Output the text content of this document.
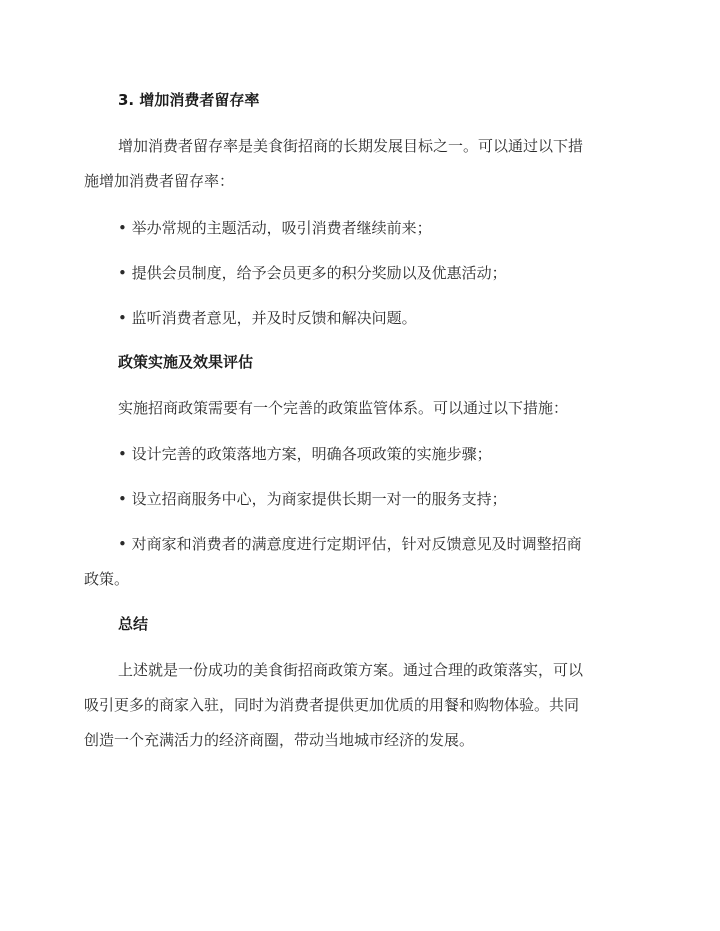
3. 增加消费者留存率
增加消费者留存率是美食街招商的长期发展目标之一。可以通过以下措
施增加消费者留存率：
• 举办常规的主题活动，吸引消费者继续前来；
• 提供会员制度，给予会员更多的积分奖励以及优惠活动；
• 监听消费者意见，并及时反馈和解决问题。
政策实施及效果评估
实施招商政策需要有一个完善的政策监管体系。可以通过以下措施：
• 设计完善的政策落地方案，明确各项政策的实施步骤；
• 设立招商服务中心，为商家提供长期一对一的服务支持；
• 对商家和消费者的满意度进行定期评估，针对反馈意见及时调整招商
政策。
总结
上述就是一份成功的美食街招商政策方案。通过合理的政策落实，可以
吸引更多的商家入驻，同时为消费者提供更加优质的用餐和购物体验。共同
创造一个充满活力的经济商圈，带动当地城市经济的发展。
